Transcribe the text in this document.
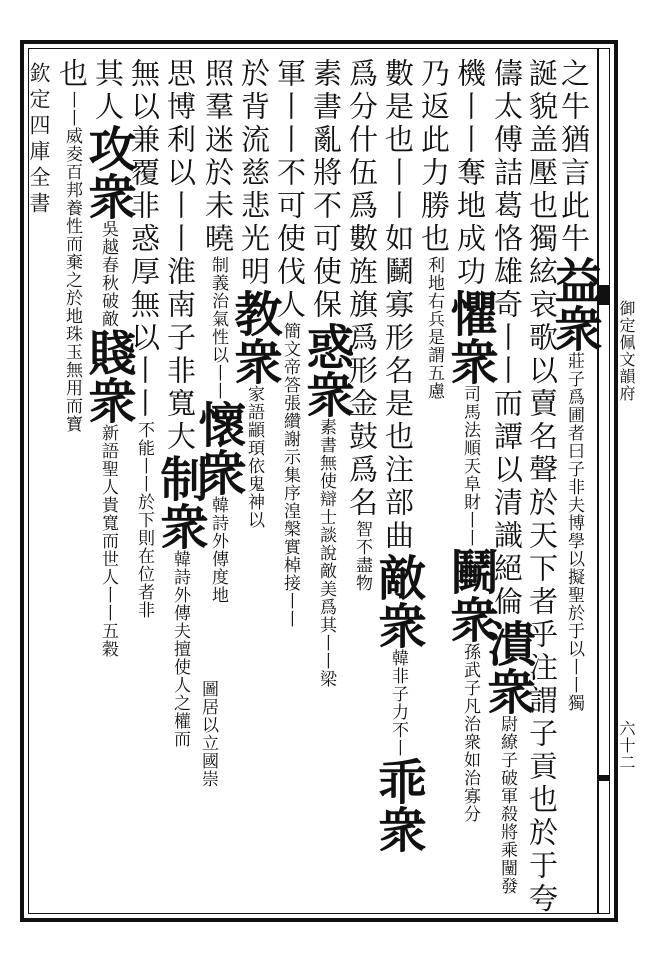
欽定四庫全書
御定佩文韻府
六十二
之牛猶言此牛益衆莊子爲圃者曰子非夫博學以擬聖於于以丨丨獨
誕貌盖壓也獨絃哀歌以賣名聲於天下者乎注謂子貢也於于夸
儔太傅詰葛恪雄奇丨丨而譚以清識絕倫潰衆尉繚子破軍殺將乘闉發
機丨丨奪地成功懼衆司馬法順天阜財丨丨鬭衆孫武子凡治衆如治寡分
乃返此力勝也利地右兵是謂五慮
數是也丨丨如鬭寡形名是也注部曲敵衆韓非子力不丨乖衆
爲分什伍爲數旌旗爲形金鼓爲名智不盡物
素書亂將不可使保惑衆素書無使辯士談說敵美爲其丨丨梁
軍丨丨不可使伐人簡文帝答張纘謝示集序湟槃實棹接丨丨
於背流慈悲光明教衆家語顓頊依鬼神以
照羣迷於未曉制義治氣性以丨丨懷衆韓詩外傳度地
圖居以立國崇
思博利以丨丨淮南子非寬大制衆韓詩外傳夫擅使人之權而
無以兼覆非惑厚無以丨丨不能丨丨於下則在位者非
其人攻衆吳越春秋破敵賤衆新語聖人貴寬而世人丨丨五穀
也丨丨威夌百邦養性而棄之於地珠玉無用而寶
